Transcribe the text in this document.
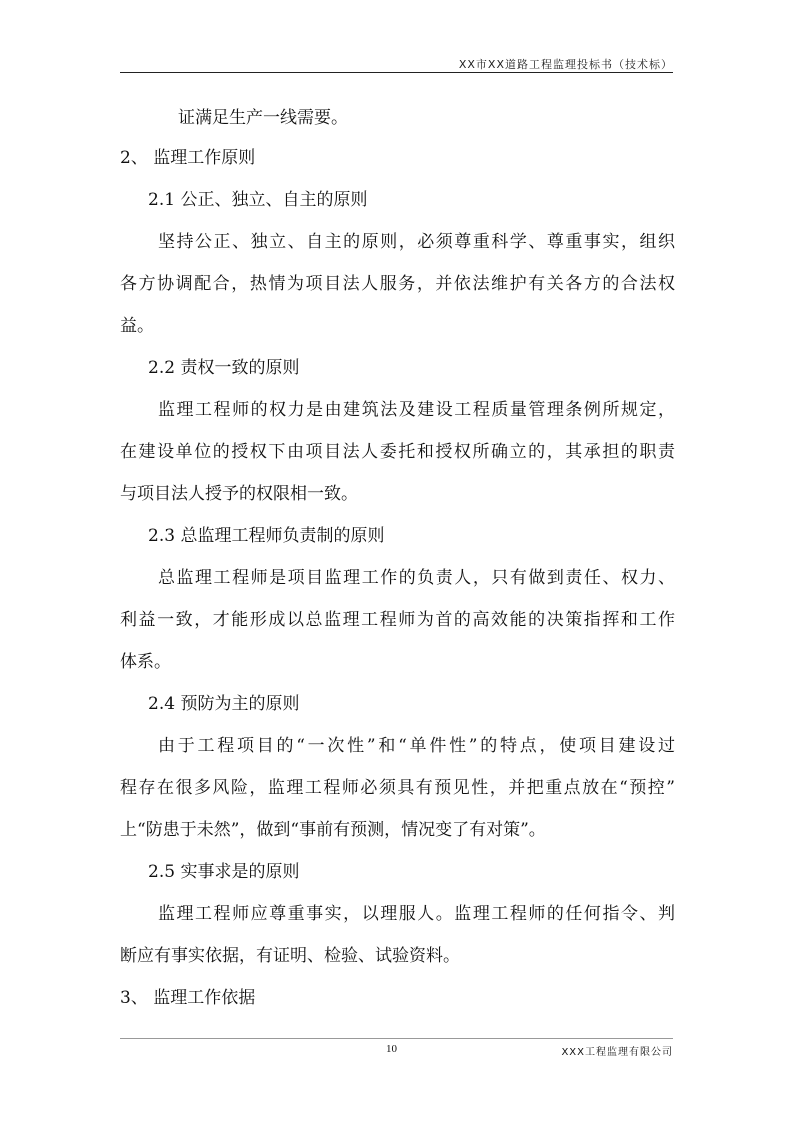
XX市XX道路工程监理投标书（技术标）
证满足生产一线需要。
2、 监理工作原则
2.1 公正、独立、自主的原则
坚持公正、独立、自主的原则，必须尊重科学、尊重事实，组织
各方协调配合，热情为项目法人服务，并依法维护有关各方的合法权
益。
2.2 责权一致的原则
监理工程师的权力是由建筑法及建设工程质量管理条例所规定，
在建设单位的授权下由项目法人委托和授权所确立的，其承担的职责
与项目法人授予的权限相一致。
2.3 总监理工程师负责制的原则
总监理工程师是项目监理工作的负责人，只有做到责任、权力、
利益一致，才能形成以总监理工程师为首的高效能的决策指挥和工作
体系。
2.4 预防为主的原则
由于工程项目的“一次性”和“单件性”的特点，使项目建设过
程存在很多风险，监理工程师必须具有预见性，并把重点放在“预控”
上“防患于未然”，做到“事前有预测，情况变了有对策”。
2.5 实事求是的原则
监理工程师应尊重事实，以理服人。监理工程师的任何指令、判
断应有事实依据，有证明、检验、试验资料。
3、 监理工作依据
10	XXX工程监理有限公司
